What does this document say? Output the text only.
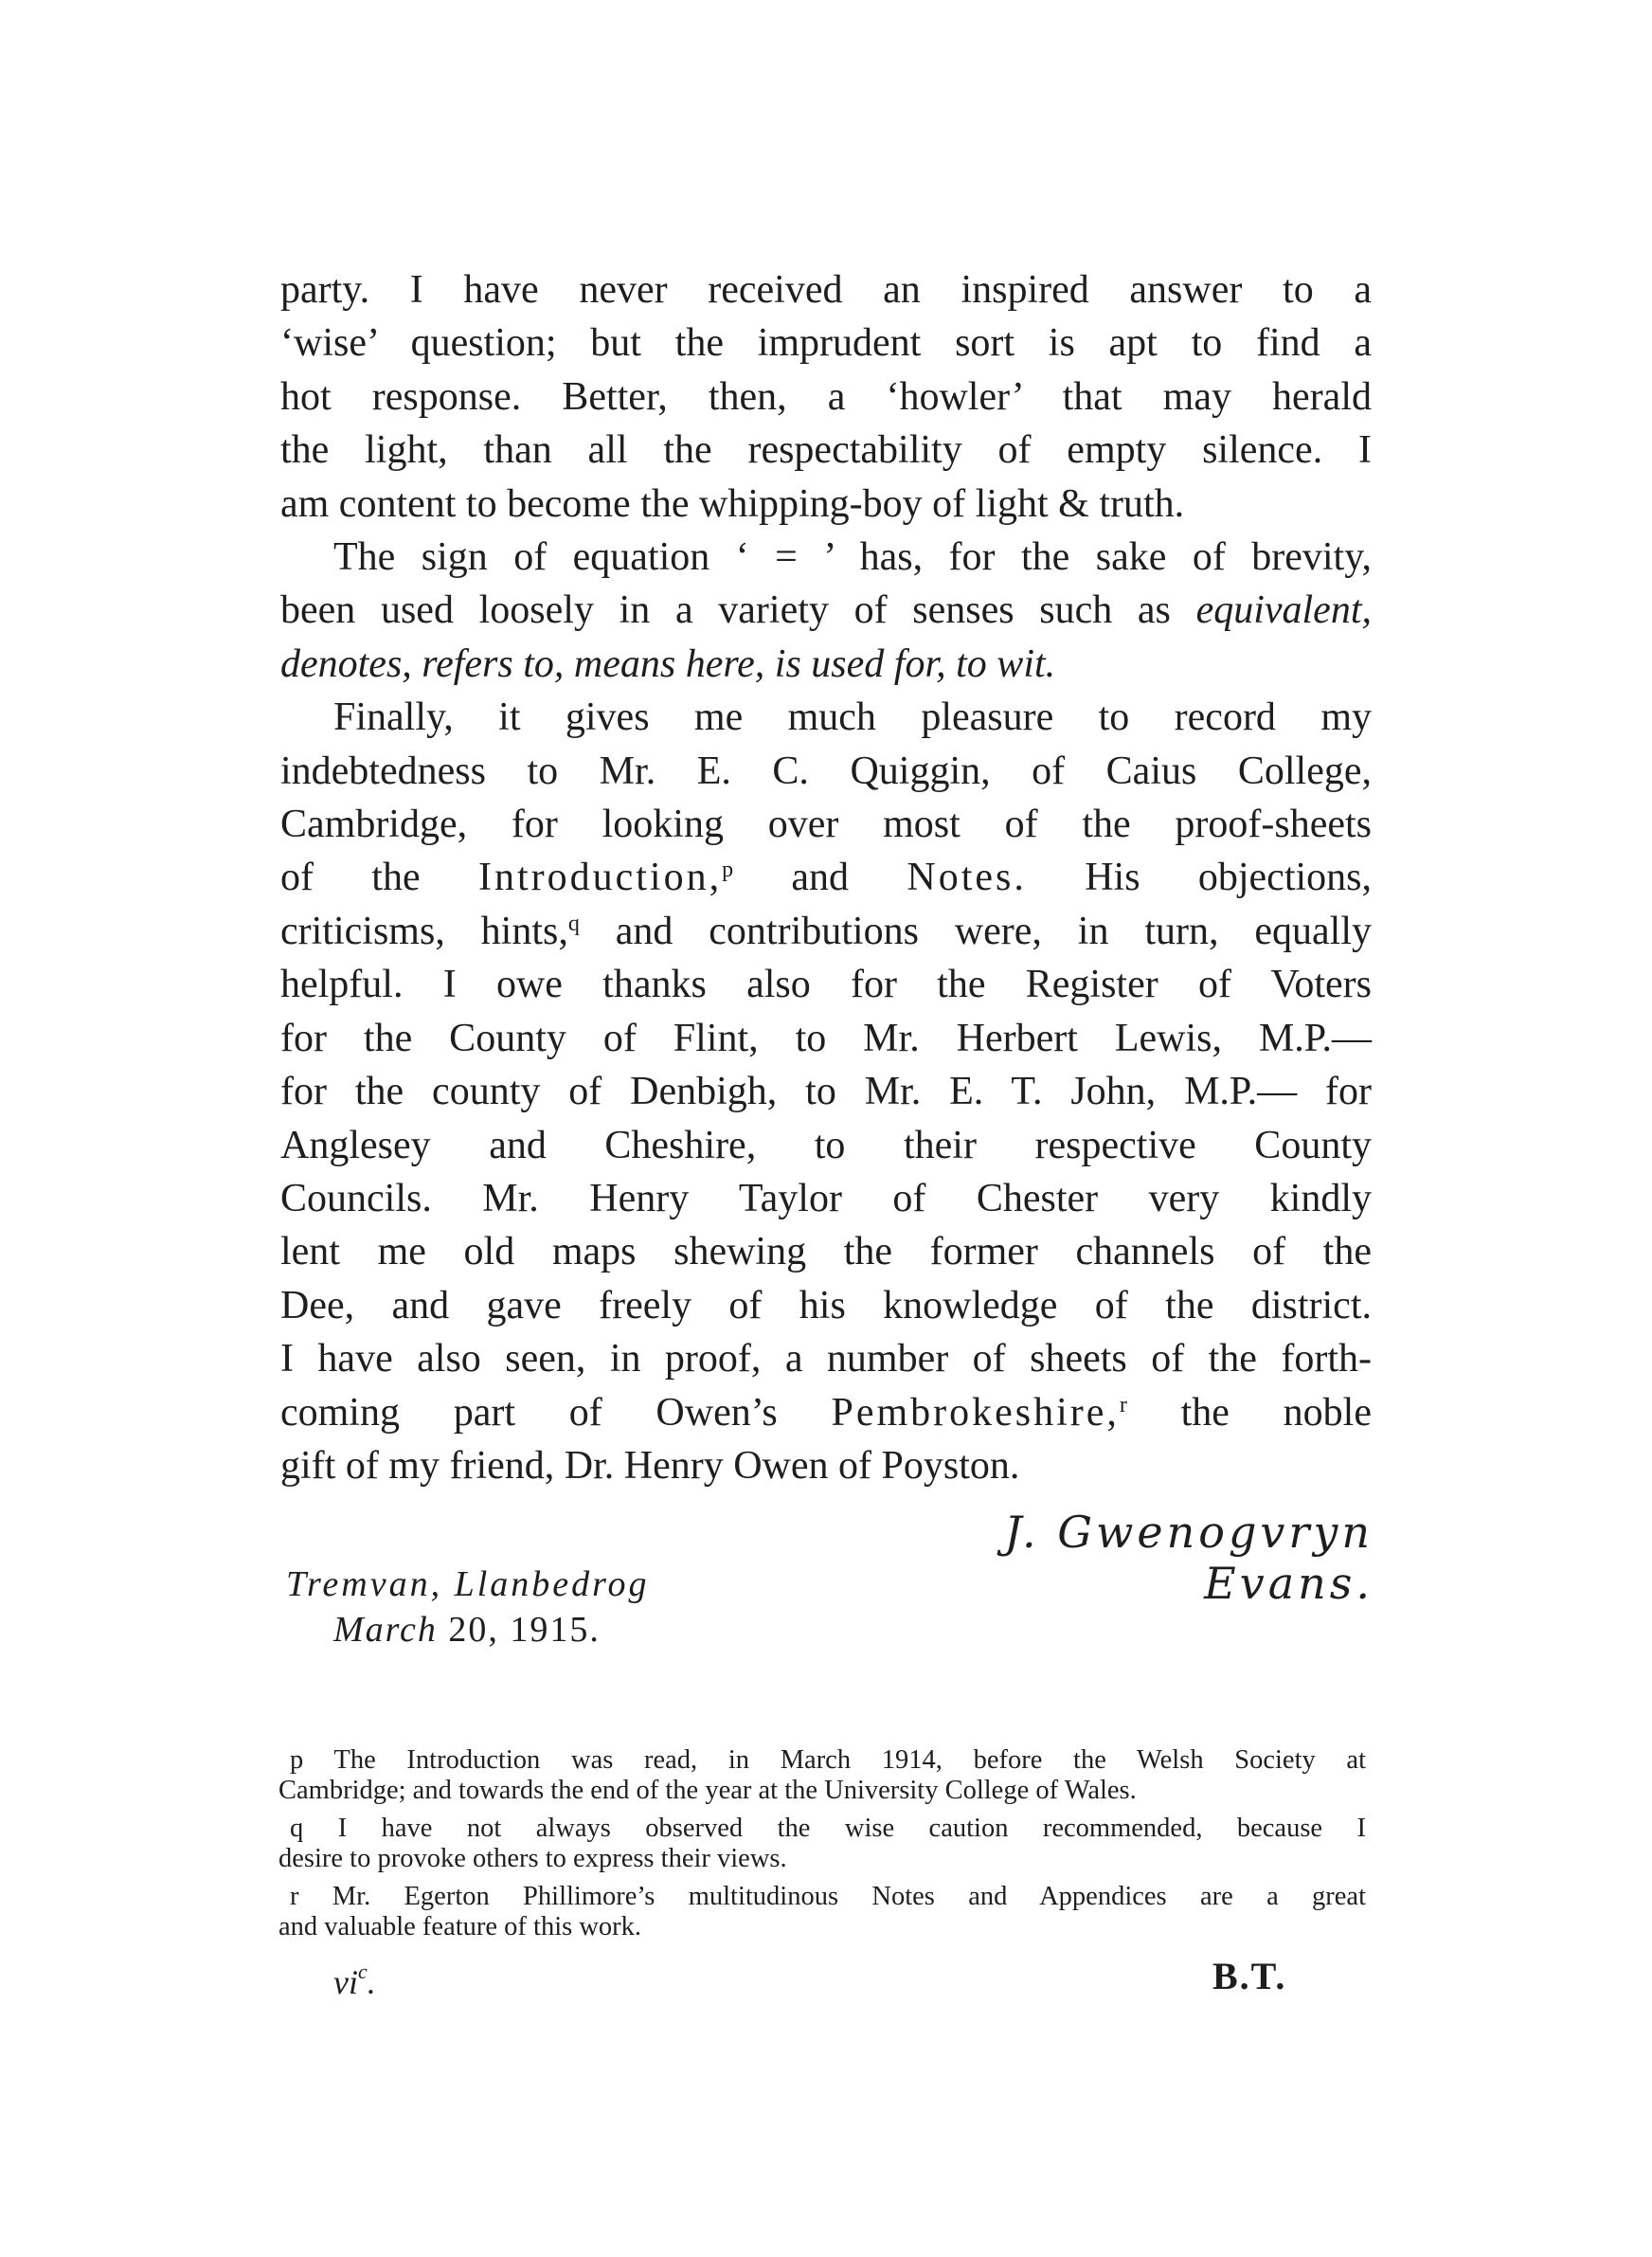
party. I have never received an inspired answer to a
‘wise’ question; but the imprudent sort is apt to find a
hot response. Better, then, a ‘howler’ that may herald
the light, than all the respectability of empty silence. I
am content to become the whipping-boy of light & truth.
The sign of equation ‘ = ’ has, for the sake of brevity,
been used loosely in a variety of senses such as equivalent,
denotes, refers to, means here, is used for, to wit.
Finally, it gives me much pleasure to record my
indebtedness to Mr. E. C. Quiggin, of Caius College,
Cambridge, for looking over most of the proof-sheets
of the Introduction,$^p$ and Notes. His objections,
criticisms, hints,$^q$ and contributions were, in turn, equally
helpful. I owe thanks also for the Register of Voters
for the County of Flint, to Mr. Herbert Lewis, M.P.—
for the county of Denbigh, to Mr. E. T. John, M.P.— for
Anglesey and Cheshire, to their respective County
Councils. Mr. Henry Taylor of Chester very kindly
lent me old maps shewing the former channels of the
Dee, and gave freely of his knowledge of the district.
I have also seen, in proof, a number of sheets of the forth-
coming part of Owen’s Pembrokeshire,$^r$ the noble
gift of my friend, Dr. Henry Owen of Poyston.
J. Gwenogvryn Evans.
Tremvan, Llanbedrog
March 20, 1915.
p The Introduction was read, in March 1914, before the Welsh Society at
Cambridge; and towards the end of the year at the University College of Wales.
q I have not always observed the wise caution recommended, because I
desire to provoke others to express their views.
r Mr. Egerton Phillimore’s multitudinous Notes and Appendices are a great
and valuable feature of this work.
$vi^c$.	B.T.
